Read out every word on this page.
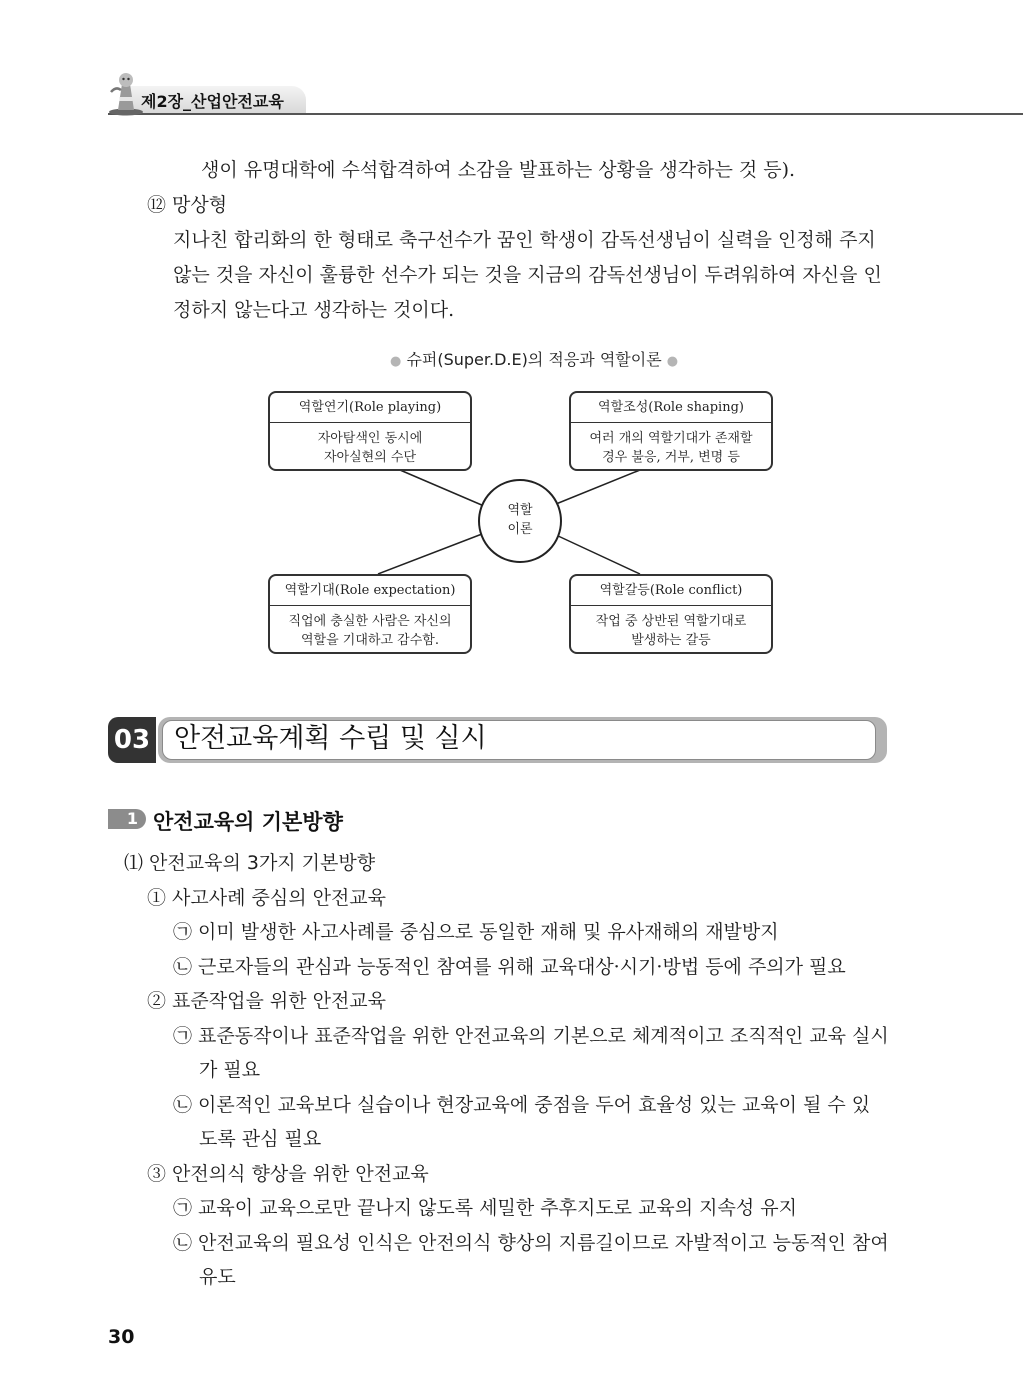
제2장_산업안전교육
생이 유명대학에 수석합격하여 소감을 발표하는 상황을 생각하는 것 등).
⑫ 망상형
지나친 합리화의 한 형태로 축구선수가 꿈인 학생이 감독선생님이 실력을 인정해 주지
않는 것을 자신이 훌륭한 선수가 되는 것을 지금의 감독선생님이 두려워하여 자신을 인
정하지 않는다고 생각하는 것이다.
● 슈퍼(Super.D.E)의 적응과 역할이론 ●
역할연기(Role playing)
자아탐색인 동시에
자아실현의 수단
역할조성(Role shaping)
여러 개의 역할기대가 존재할
경우 불응, 거부, 변명 등
역할기대(Role expectation)
직업에 충실한 사람은 자신의
역할을 기대하고 감수함.
역할갈등(Role conflict)
작업 중 상반된 역할기대로
발생하는 갈등
역할
이론
03 안전교육계획 수립 및 실시
1 안전교육의 기본방향
⑴ 안전교육의 3가지 기본방향
① 사고사례 중심의 안전교육
㉠ 이미 발생한 사고사례를 중심으로 동일한 재해 및 유사재해의 재발방지
㉡ 근로자들의 관심과 능동적인 참여를 위해 교육대상·시기·방법 등에 주의가 필요
② 표준작업을 위한 안전교육
㉠ 표준동작이나 표준작업을 위한 안전교육의 기본으로 체계적이고 조직적인 교육 실시
가 필요
㉡ 이론적인 교육보다 실습이나 현장교육에 중점을 두어 효율성 있는 교육이 될 수 있
도록 관심 필요
③ 안전의식 향상을 위한 안전교육
㉠ 교육이 교육으로만 끝나지 않도록 세밀한 추후지도로 교육의 지속성 유지
㉡ 안전교육의 필요성 인식은 안전의식 향상의 지름길이므로 자발적이고 능동적인 참여
유도
30
